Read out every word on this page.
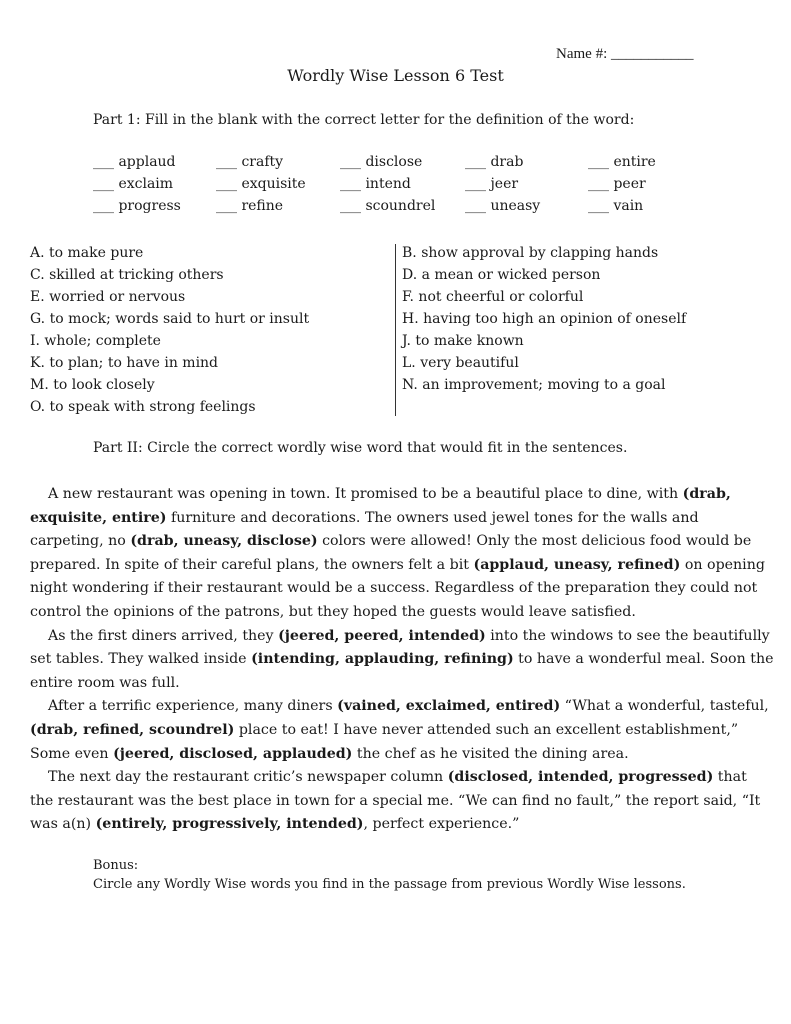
Name #: ___________
Wordly Wise Lesson 6 Test
Part 1: Fill in the blank with the correct letter for the definition of the word:
___ applaud	___ crafty	___ disclose	___ drab	___ entire
___ exclaim	___ exquisite ___ intend	___ jeer	___ peer
___ progress	___ refine	___ scoundrel ___ uneasy	___ vain
A. to make pure
C. skilled at tricking others
E. worried or nervous
G. to mock; words said to hurt or insult
I. whole; complete
K. to plan; to have in mind
M. to look closely
O. to speak with strong feelings
B. show approval by clapping hands
D. a mean or wicked person
F. not cheerful or colorful
H. having too high an opinion of oneself
J. to make known
L. very beautiful
N. an improvement; moving to a goal
Part II: Circle the correct wordly wise word that would fit in the sentences.

A new restaurant was opening in town. It promised to be a beautiful place to dine, with (drab, exquisite, entire) furniture and decorations. The owners used jewel tones for the walls and carpeting, no (drab, uneasy, disclose) colors were allowed! Only the most delicious food would be prepared. In spite of their careful plans, the owners felt a bit (applaud, uneasy, refined) on opening night wondering if their restaurant would be a success. Regardless of the preparation they could not control the opinions of the patrons, but they hoped the guests would leave satisfied.

As the first diners arrived, they (jeered, peered, intended) into the windows to see the beautifully set tables. They walked inside (intending, applauding, refining) to have a wonderful meal. Soon the entire room was full.

After a terrific experience, many diners (vained, exclaimed, entired) “What a wonderful, tasteful, (drab, refined, scoundrel) place to eat! I have never attended such an excellent establishment,” Some even (jeered, disclosed, applauded) the chef as he visited the dining area.

The next day the restaurant critic’s newspaper column (disclosed, intended, progressed) that the restaurant was the best place in town for a special me. “We can find no fault,” the report said, “It was a(n) (entirely, progressively, intended), perfect experience.”

Bonus:
Circle any Wordly Wise words you find in the passage from previous Wordly Wise lessons.
